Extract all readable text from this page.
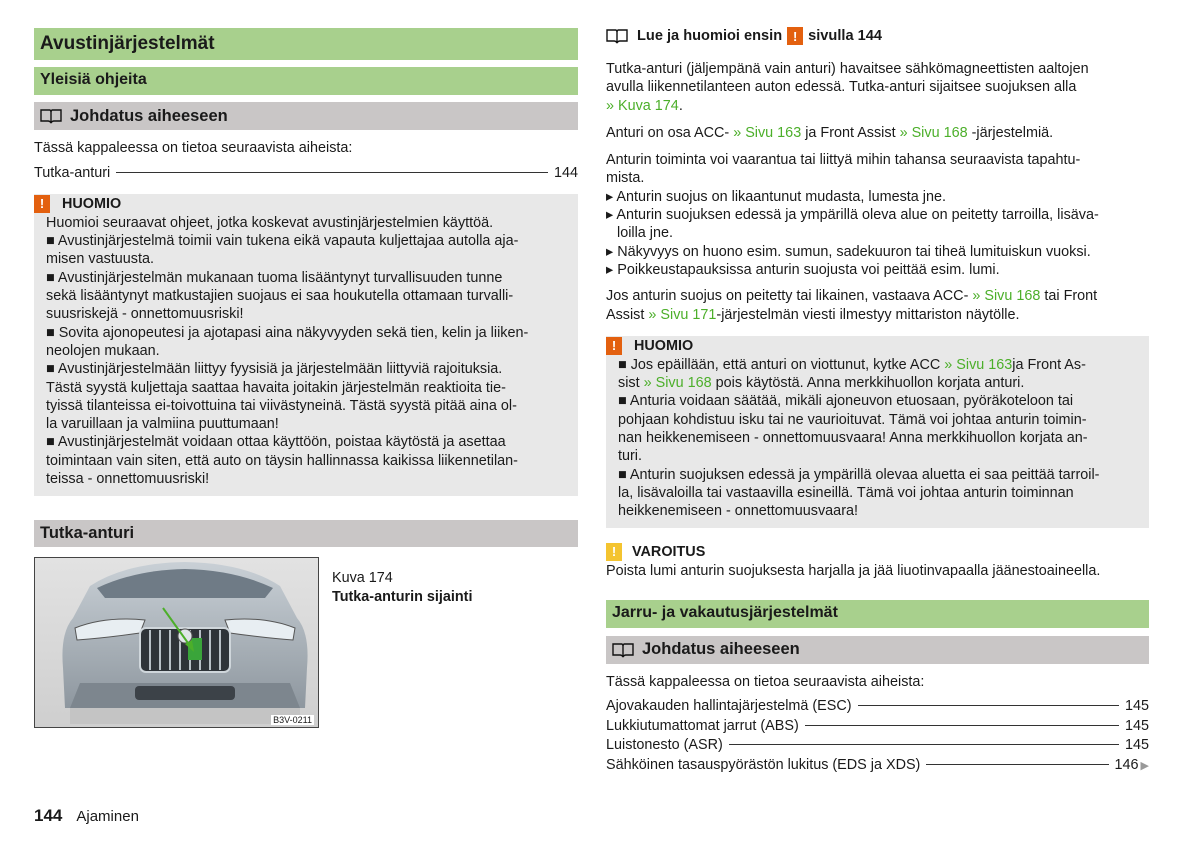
Avustinjärjestelmät
Yleisiä ohjeita
Johdatus aiheeseen

Tässä kappaleessa on tietoa seuraavista aiheista:

Tutka-anturi	144
!	HUOMIO

Huomioi seuraavat ohjeet, jotka koskevat avustinjärjestelmien käyttöä.

■ Avustinjärjestelmä toimii vain tukena eikä vapauta kuljettajaa autolla aja-

misen vastuusta.

■ Avustinjärjestelmän mukanaan tuoma lisääntynyt turvallisuuden tunne

sekä lisääntynyt matkustajien suojaus ei saa houkutella ottamaan turvalli-

suusriskejä - onnettomuusriski!

■ Sovita ajonopeutesi ja ajotapasi aina näkyvyyden sekä tien, kelin ja liiken-

neolojen mukaan.

■ Avustinjärjestelmään liittyy fyysisiä ja järjestelmään liittyviä rajoituksia.

Tästä syystä kuljettaja saattaa havaita joitakin järjestelmän reaktioita tie-

tyissä tilanteissa ei-toivottuina tai viivästyneinä. Tästä syystä pitää aina ol-

la varuillaan ja valmiina puuttumaan!

■ Avustinjärjestelmät voidaan ottaa käyttöön, poistaa käytöstä ja asettaa

toimintaan vain siten, että auto on täysin hallinnassa kaikissa liikennetilan-

teissa - onnettomuusriski!

Tutka-anturi
B3V-0211

Kuva 174

Tutka-anturin sijainti

Lue ja huomioi ensin ! sivulla 144

Tutka-anturi (jäljempänä vain anturi) havaitsee sähkömagneettisten aaltojen

avulla liikennetilanteen auton edessä. Tutka-anturi sijaitsee suojuksen alla

» Kuva 174.

Anturi on osa ACC- » Sivu 163 ja Front Assist » Sivu 168 -järjestelmiä.

Anturin toiminta voi vaarantua tai liittyä mihin tahansa seuraavista tapahtu-

mista.

▸ Anturin suojus on likaantunut mudasta, lumesta jne.

▸ Anturin suojuksen edessä ja ympärillä oleva alue on peitetty tarroilla, lisäva-

loilla jne.

▸ Näkyvyys on huono esim. sumun, sadekuuron tai tiheä lumituiskun vuoksi.

▸ Poikkeustapauksissa anturin suojusta voi peittää esim. lumi.

Jos anturin suojus on peitetty tai likainen, vastaava ACC- » Sivu 168 tai Front

Assist » Sivu 171-järjestelmän viesti ilmestyy mittariston näytölle.

!	HUOMIO

■ Jos epäillään, että anturi on viottunut, kytke ACC » Sivu 163ja Front As-

sist » Sivu 168 pois käytöstä. Anna merkkihuollon korjata anturi.

■ Anturia voidaan säätää, mikäli ajoneuvon etuosaan, pyöräkoteloon tai

pohjaan kohdistuu isku tai ne vaurioituvat. Tämä voi johtaa anturin toimin-

nan heikkenemiseen - onnettomuusvaara! Anna merkkihuollon korjata an-

turi.

■ Anturin suojuksen edessä ja ympärillä olevaa aluetta ei saa peittää tarroil-

la, lisävaloilla tai vastaavilla esineillä. Tämä voi johtaa anturin toiminnan

heikkenemiseen - onnettomuusvaara!

!	VAROITUS

Poista lumi anturin suojuksesta harjalla ja jää liuotinvapaalla jäänestoaineella.

Jarru- ja vakautusjärjestelmät
Johdatus aiheeseen

Tässä kappaleessa on tietoa seuraavista aiheista:

Ajovakauden hallintajärjestelmä (ESC)	145
Lukkiutumattomat jarrut (ABS)	145
Luistonesto (ASR)	145
Sähköinen tasauspyörästön lukitus (EDS ja XDS)	146 ▶
144 Ajaminen
